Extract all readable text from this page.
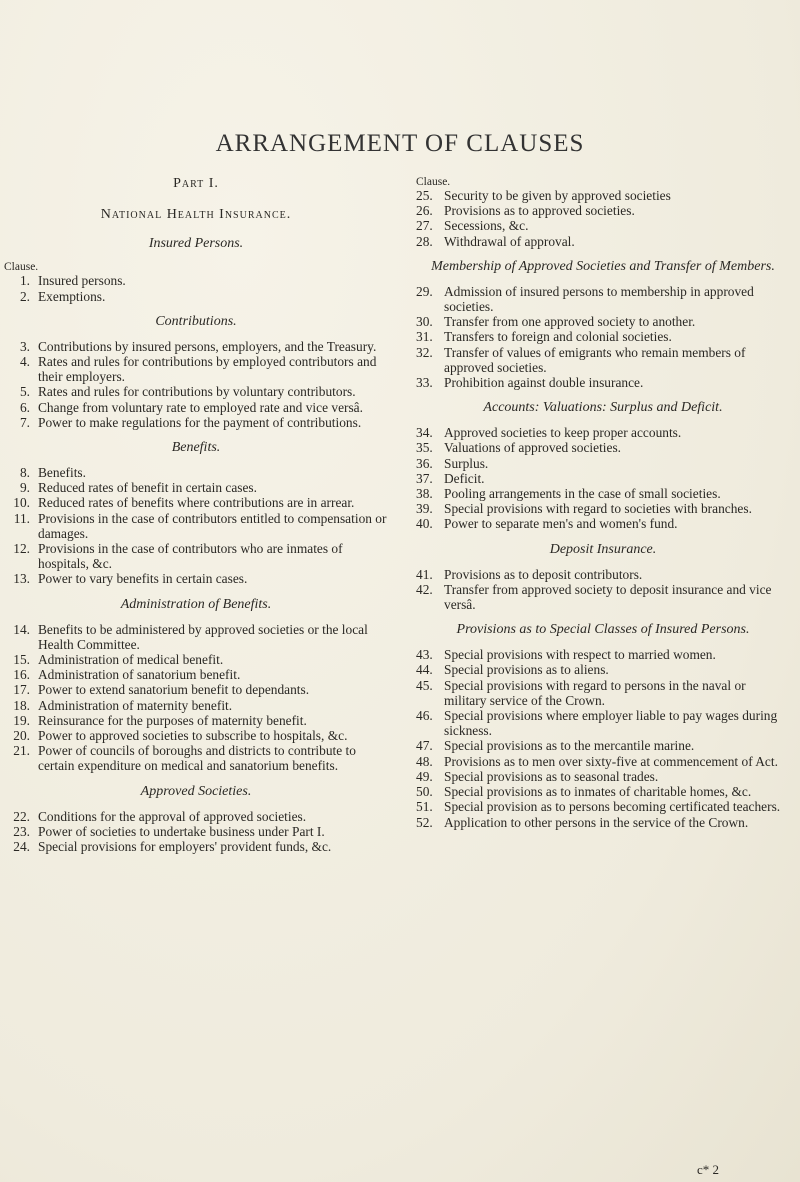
ARRANGEMENT OF CLAUSES
Part I.
National Health Insurance.
Insured Persons.
Clause.
1. Insured persons.
2. Exemptions.
Contributions.
3. Contributions by insured persons, employers, and the Treasury.
4. Rates and rules for contributions by employed contributors and their employers.
5. Rates and rules for contributions by voluntary contributors.
6. Change from voluntary rate to employed rate and vice versâ.
7. Power to make regulations for the payment of contributions.
Benefits.
8. Benefits.
9. Reduced rates of benefit in certain cases.
10. Reduced rates of benefits where contributions are in arrear.
11. Provisions in the case of contributors entitled to compensation or damages.
12. Provisions in the case of contributors who are inmates of hospitals, &c.
13. Power to vary benefits in certain cases.
Administration of Benefits.
14. Benefits to be administered by approved societies or the local Health Committee.
15. Administration of medical benefit.
16. Administration of sanatorium benefit.
17. Power to extend sanatorium benefit to dependants.
18. Administration of maternity benefit.
19. Reinsurance for the purposes of maternity benefit.
20. Power to approved societies to subscribe to hospitals, &c.
21. Power of councils of boroughs and districts to contribute to certain expenditure on medical and sanatorium benefits.
Approved Societies.
22. Conditions for the approval of approved societies.
23. Power of societies to undertake business under Part I.
24. Special provisions for employers' provident funds, &c.
Clause.
25. Security to be given by approved societies
26. Provisions as to approved societies.
27. Secessions, &c.
28. Withdrawal of approval.
Membership of Approved Societies and Transfer of Members.
29. Admission of insured persons to membership in approved societies.
30. Transfer from one approved society to another.
31. Transfers to foreign and colonial societies.
32. Transfer of values of emigrants who remain members of approved societies.
33. Prohibition against double insurance.
Accounts: Valuations: Surplus and Deficit.
34. Approved societies to keep proper accounts.
35. Valuations of approved societies.
36. Surplus.
37. Deficit.
38. Pooling arrangements in the case of small societies.
39. Special provisions with regard to societies with branches.
40. Power to separate men's and women's fund.
Deposit Insurance.
41. Provisions as to deposit contributors.
42. Transfer from approved society to deposit insurance and vice versâ.
Provisions as to Special Classes of Insured Persons.
43. Special provisions with respect to married women.
44. Special provisions as to aliens.
45. Special provisions with regard to persons in the naval or military service of the Crown.
46. Special provisions where employer liable to pay wages during sickness.
47. Special provisions as to the mercantile marine.
48. Provisions as to men over sixty-five at commencement of Act.
49. Special provisions as to seasonal trades.
50. Special provisions as to inmates of charitable homes, &c.
51. Special provision as to persons becoming certificated teachers.
52. Application to other persons in the service of the Crown.
c* 2
